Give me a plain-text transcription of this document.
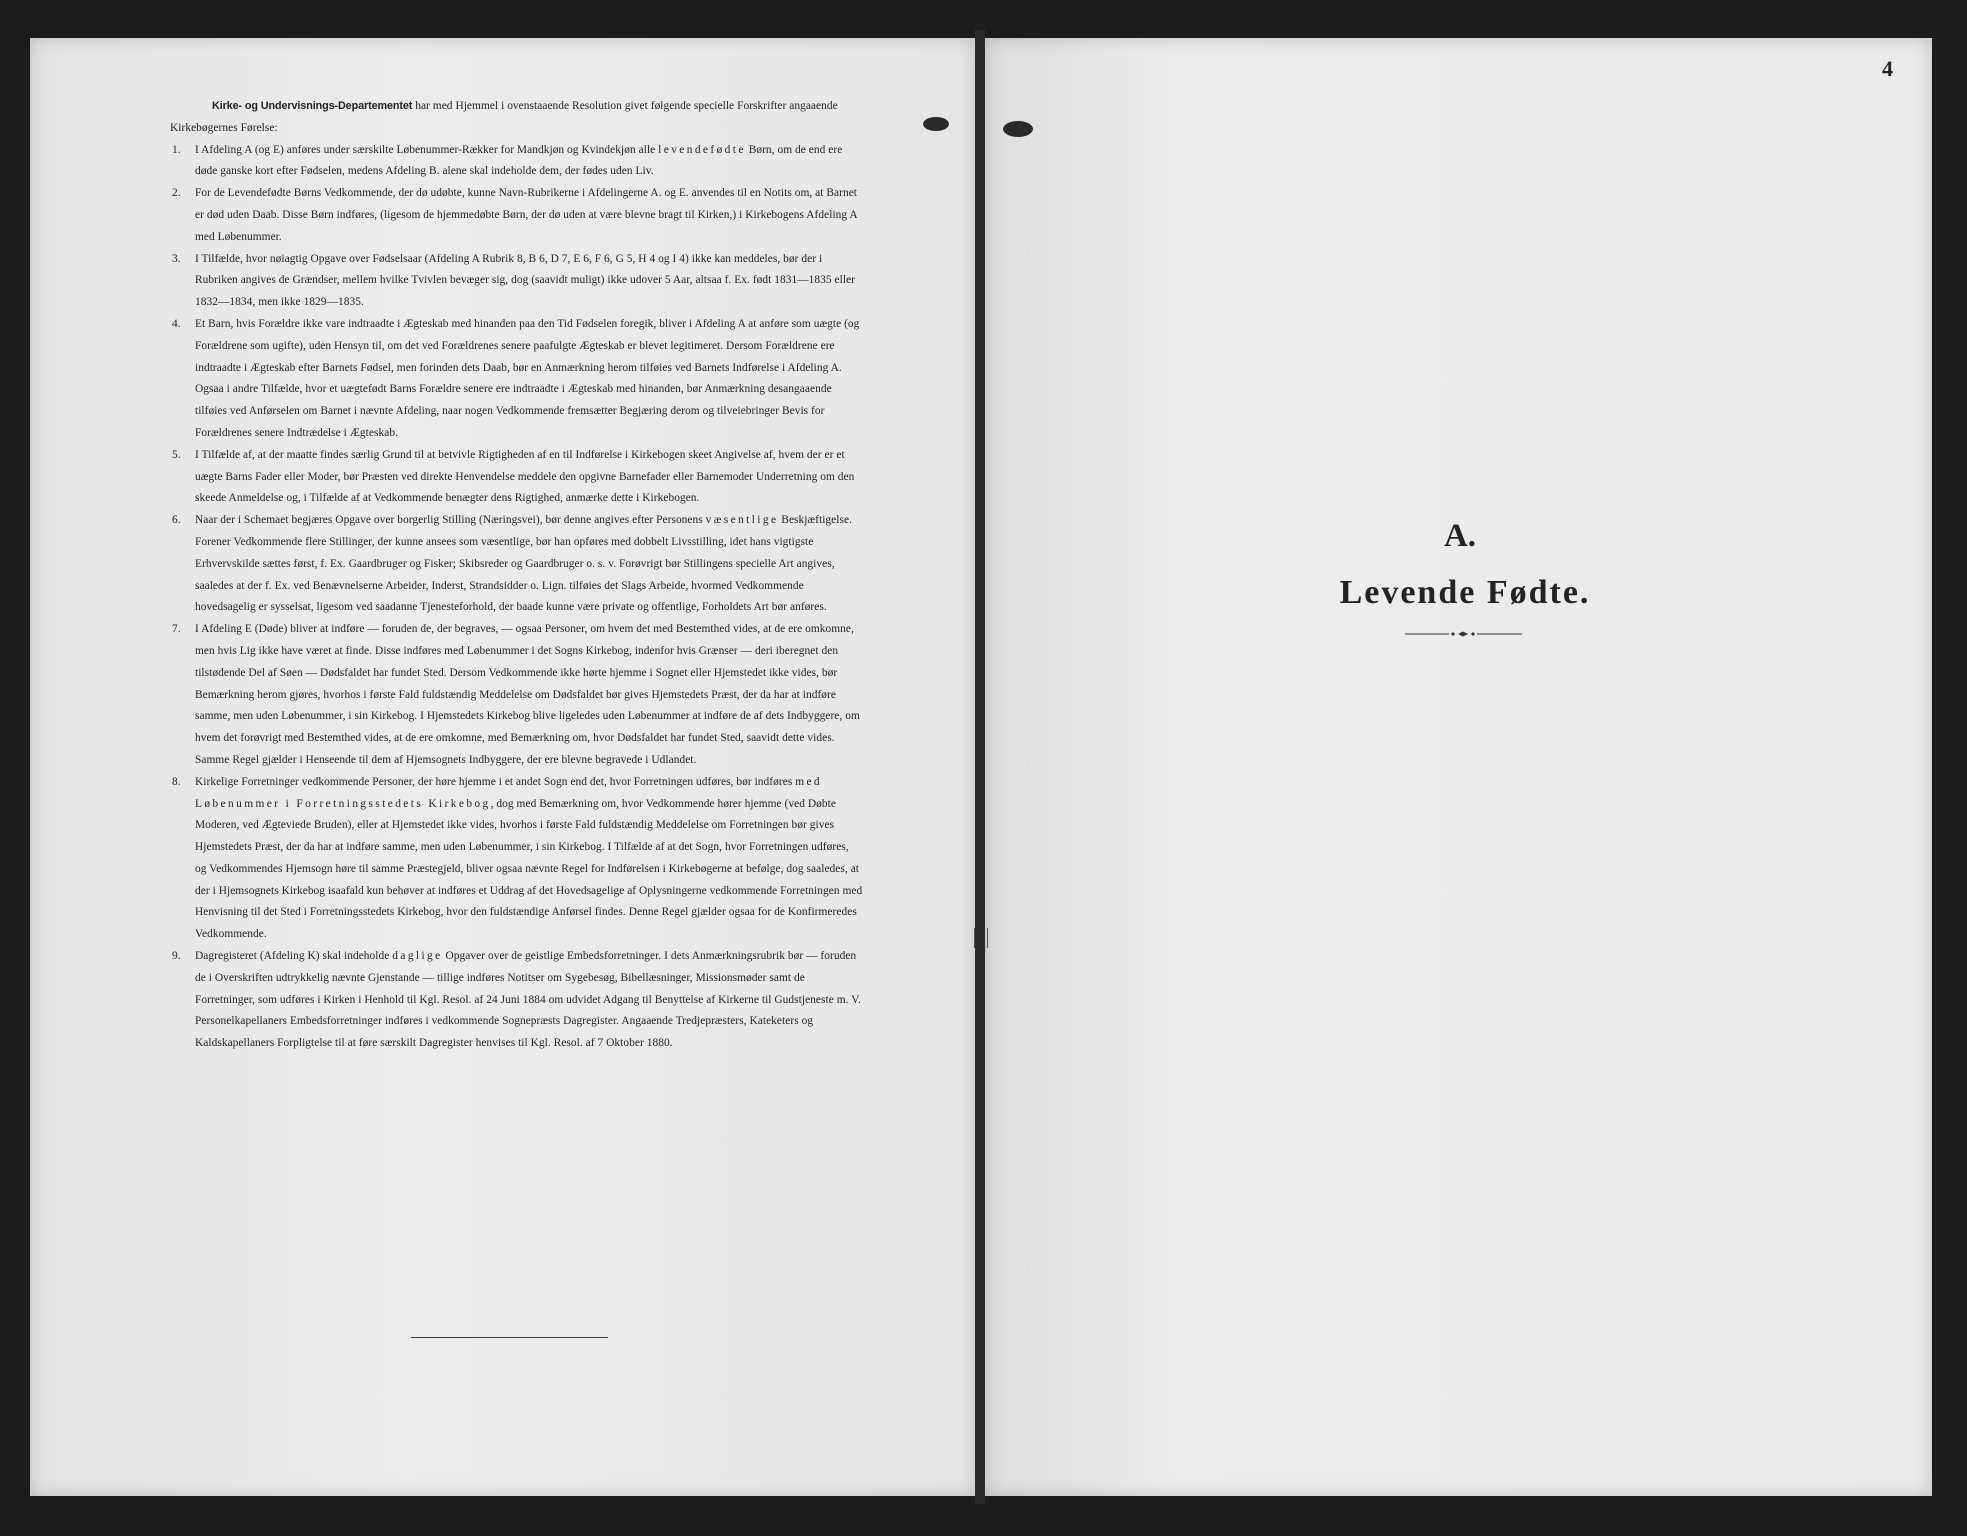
Kirke- og Undervisnings-Departementet har med Hjemmel i ovenstaaende Resolution givet følgende specielle Forskrifter angaaende Kirkebøgernes Førelse:

1. I Afdeling A (og E) anføres under særskilte Løbenummer-Rækker for Mandkjøn og Kvindekjøn alle levendefødte Børn, om de end ere døde ganske kort efter Fødselen, medens Afdeling B. alene skal indeholde dem, der fødes uden Liv.
2. For de Levendefødte Børns Vedkommende, der dø udøbte, kunne Navn-Rubrikerne i Afdelingerne A. og E. anvendes til en Notits om, at Barnet er død uden Daab. Disse Børn indføres, (ligesom de hjemmedøbte Børn, der dø uden at være blevne bragt til Kirken,) i Kirkebogens Afdeling A med Løbenummer.
3. I Tilfælde, hvor nøiagtig Opgave over Fødselsaar (Afdeling A Rubrik 8, B 6, D 7, E 6, F 6, G 5, H 4 og I 4) ikke kan meddeles, bør der i Rubriken angives de Grændser, mellem hvilke Tvivlen bevæger sig, dog (saavidt muligt) ikke udover 5 Aar, altsaa f. Ex. født 1831—1835 eller 1832—1834, men ikke 1829—1835.
4. Et Barn, hvis Forældre ikke vare indtraadte i Ægteskab med hinanden paa den Tid Fødselen foregik, bliver i Afdeling A at anføre som uægte (og Forældrene som ugifte), uden Hensyn til, om det ved Forældrenes senere paafulgte Ægteskab er blevet legitimeret. Dersom Forældrene ere indtraadte i Ægteskab efter Barnets Fødsel, men forinden dets Daab, bør en Anmærkning herom tilføies ved Barnets Indførelse i Afdeling A. Ogsaa i andre Tilfælde, hvor et uægtefødt Barns Forældre senere ere indtraadte i Ægteskab med hinanden, bør Anmærkning desangaaende tilføies ved Anførselen om Barnet i nævnte Afdeling, naar nogen Vedkommende fremsætter Begjæring derom og tilveiebringer Bevis for Forældrenes senere Indtrædelse i Ægteskab.
5. I Tilfælde af, at der maatte findes særlig Grund til at betvivle Rigtigheden af en til Indførelse i Kirkebogen skeet Angivelse af, hvem der er et uægte Barns Fader eller Moder, bør Præsten ved direkte Henvendelse meddele den opgivne Barnefader eller Barnemoder Underretning om den skeede Anmeldelse og, i Tilfælde af at Vedkommende benægter dens Rigtighed, anmærke dette i Kirkebogen.
6. Naar der i Schemaet begjæres Opgave over borgerlig Stilling (Næringsvei), bør denne angives efter Personens væsentlige Beskjæftigelse. Forener Vedkommende flere Stillinger, der kunne ansees som væsentlige, bør han opføres med dobbelt Livsstilling, idet hans vigtigste Erhvervskilde sættes først, f. Ex. Gaardbruger og Fisker; Skibsreder og Gaardbruger o. s. v. Forøvrigt bør Stillingens specielle Art angives, saaledes at der f. Ex. ved Benævnelserne Arbeider, Inderst, Strandsidder o. Lign. tilføies det Slags Arbeide, hvormed Vedkommende hovedsagelig er sysselsat, ligesom ved saadanne Tjenesteforhold, der baade kunne være private og offentlige, Forholdets Art bør anføres.
7. I Afdeling E (Døde) bliver at indføre — foruden de, der begraves, — ogsaa Personer, om hvem det med Bestemthed vides, at de ere omkomne, men hvis Lig ikke have været at finde. Disse indføres med Løbenummer i det Sogns Kirkebog, indenfor hvis Grænser — deri iberegnet den tilstødende Del af Søen — Dødsfaldet har fundet Sted. Dersom Vedkommende ikke hørte hjemme i Sognet eller Hjemstedet ikke vides, bør Bemærkning herom gjøres, hvorhos i første Fald fuldstændig Meddelelse om Dødsfaldet bør gives Hjemstedets Præst, der da har at indføre samme, men uden Løbenummer, i sin Kirkebog. I Hjemstedets Kirkebog blive ligeledes uden Løbenummer at indføre de af dets Indbyggere, om hvem det forøvrigt med Bestemthed vides, at de ere omkomne, med Bemærkning om, hvor Dødsfaldet har fundet Sted, saavidt dette vides. Samme Regel gjælder i Henseende til dem af Hjemsognets Indbyggere, der ere blevne begravede i Udlandet.
8. Kirkelige Forretninger vedkommende Personer, der høre hjemme i et andet Sogn end det, hvor Forretningen udføres, bør indføres med Løbenummer i Forretningsstedets Kirkebog, dog med Bemærkning om, hvor Vedkommende hører hjemme (ved Døbte Moderen, ved Ægteviede Bruden), eller at Hjemstedet ikke vides, hvorhos i første Fald fuldstændig Meddelelse om Forretningen bør gives Hjemstedets Præst, der da har at indføre samme, men uden Løbenummer, i sin Kirkebog. I Tilfælde af at det Sogn, hvor Forretningen udføres, og Vedkommendes Hjemsogn høre til samme Præstegjeld, bliver ogsaa nævnte Regel for Indførelsen i Kirkebøgerne at befølge, dog saaledes, at der i Hjemsognets Kirkebog isaafald kun behøver at indføres et Uddrag af det Hovedsagelige af Oplysningerne vedkommende Forretningen med Henvisning til det Sted i Forretningsstedets Kirkebog, hvor den fuldstændige Anførsel findes. Denne Regel gjælder ogsaa for de Konfirmeredes Vedkommende.
9. Dagregisteret (Afdeling K) skal indeholde daglige Opgaver over de geistlige Embedsforretninger. I dets Anmærkningsrubrik bør — foruden de i Overskriften udtrykkelig nævnte Gjenstande — tillige indføres Notitser om Sygebesøg, Bibellæsninger, Missionsmøder samt de Forretninger, som udføres i Kirken i Henhold til Kgl. Resol. af 24 Juni 1884 om udvidet Adgang til Benyttelse af Kirkerne til Gudstjeneste m. V. Personelkapellaners Embedsforretninger indføres i vedkommende Sognepræsts Dagregister. Angaaende Tredjepræsters, Kateketers og Kaldskapellaners Forpligtelse til at føre særskilt Dagregister henvises til Kgl. Resol. af 7 Oktober 1880.
4
A.
Levende Fødte.
